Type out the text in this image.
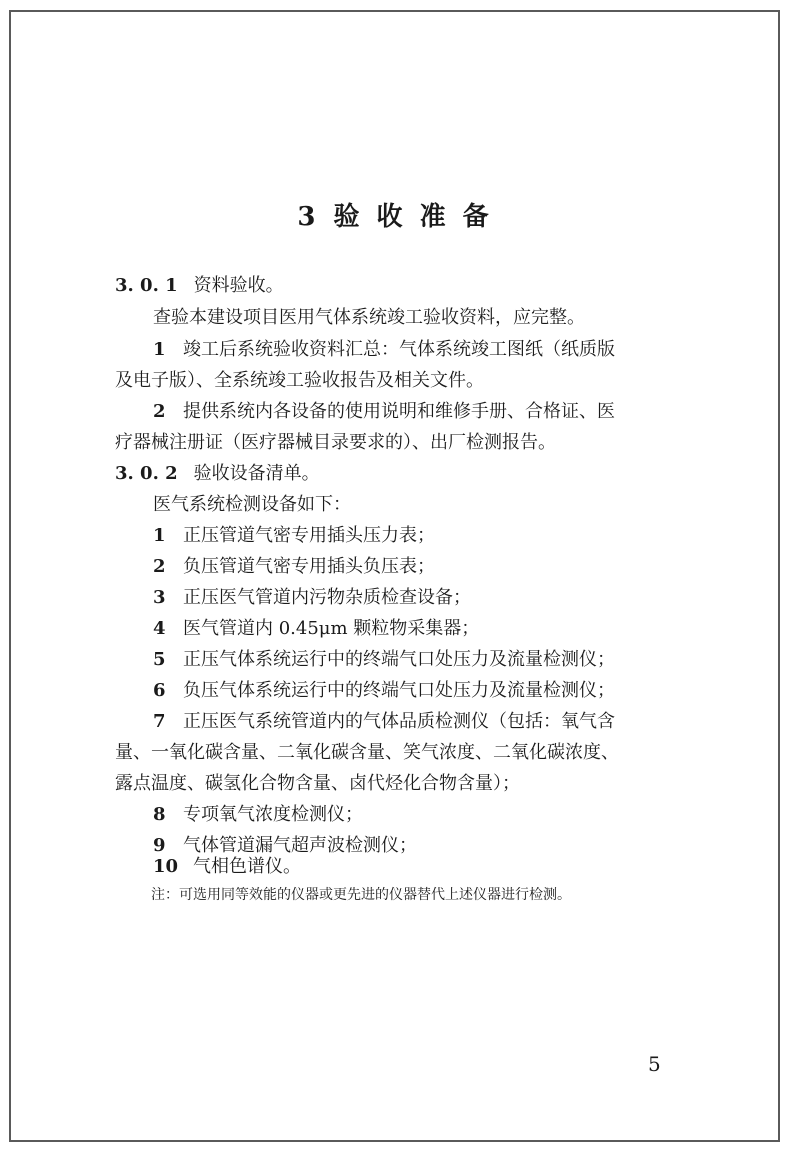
3 验 收 准 备
3. 0. 1 资料验收。
查验本建设项目医用气体系统竣工验收资料，应完整。
1 竣工后系统验收资料汇总：气体系统竣工图纸（纸质版
及电子版）、全系统竣工验收报告及相关文件。
2 提供系统内各设备的使用说明和维修手册、合格证、医
疗器械注册证（医疗器械目录要求的）、出厂检测报告。
3. 0. 2 验收设备清单。
医气系统检测设备如下：
1 正压管道气密专用插头压力表；
2 负压管道气密专用插头负压表；
3 正压医气管道内污物杂质检查设备；
4 医气管道内 0.45μm 颗粒物采集器；
5 正压气体系统运行中的终端气口处压力及流量检测仪；
6 负压气体系统运行中的终端气口处压力及流量检测仪；
7 正压医气系统管道内的气体品质检测仪（包括：氧气含
量、一氧化碳含量、二氧化碳含量、笑气浓度、二氧化碳浓度、
露点温度、碳氢化合物含量、卤代烃化合物含量）；
8 专项氧气浓度检测仪；
9 气体管道漏气超声波检测仪；
10 气相色谱仪。
注：可选用同等效能的仪器或更先进的仪器替代上述仪器进行检测。
5
